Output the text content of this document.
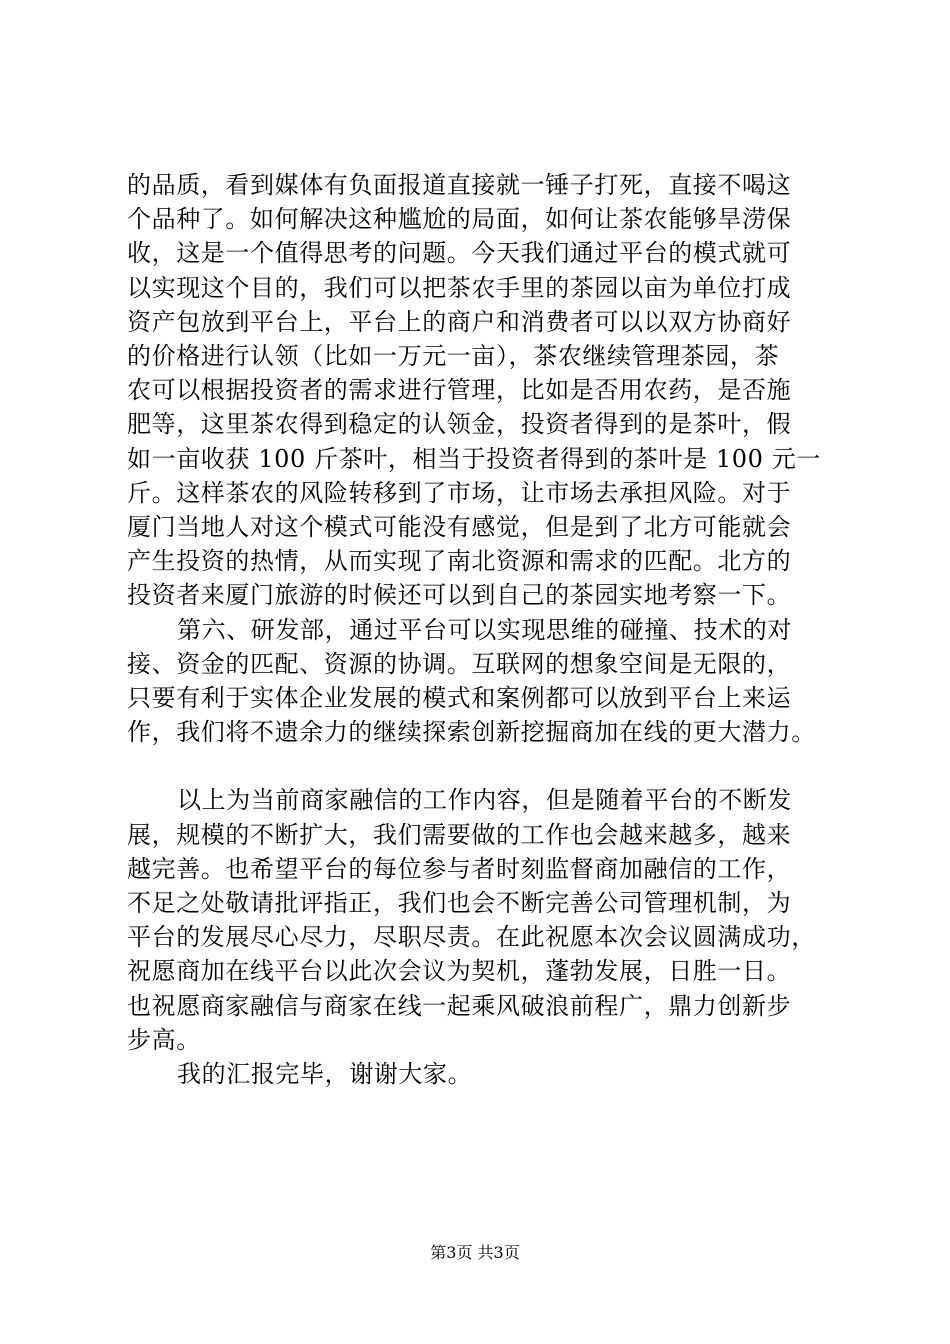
的品质，看到媒体有负面报道直接就一锤子打死，直接不喝这
个品种了。如何解决这种尴尬的局面，如何让茶农能够旱涝保
收，这是一个值得思考的问题。今天我们通过平台的模式就可
以实现这个目的，我们可以把茶农手里的茶园以亩为单位打成
资产包放到平台上，平台上的商户和消费者可以以双方协商好
的价格进行认领（比如一万元一亩），茶农继续管理茶园，茶
农可以根据投资者的需求进行管理，比如是否用农药，是否施
肥等，这里茶农得到稳定的认领金，投资者得到的是茶叶，假
如一亩收获 100 斤茶叶，相当于投资者得到的茶叶是 100 元一
斤。这样茶农的风险转移到了市场，让市场去承担风险。对于
厦门当地人对这个模式可能没有感觉，但是到了北方可能就会
产生投资的热情，从而实现了南北资源和需求的匹配。北方的
投资者来厦门旅游的时候还可以到自己的茶园实地考察一下。
第六、研发部，通过平台可以实现思维的碰撞、技术的对
接、资金的匹配、资源的协调。互联网的想象空间是无限的，
只要有利于实体企业发展的模式和案例都可以放到平台上来运
作，我们将不遗余力的继续探索创新挖掘商加在线的更大潜力。
以上为当前商家融信的工作内容，但是随着平台的不断发
展，规模的不断扩大，我们需要做的工作也会越来越多，越来
越完善。也希望平台的每位参与者时刻监督商加融信的工作，
不足之处敬请批评指正，我们也会不断完善公司管理机制，为
平台的发展尽心尽力，尽职尽责。在此祝愿本次会议圆满成功，
祝愿商加在线平台以此次会议为契机，蓬勃发展，日胜一日。
也祝愿商家融信与商家在线一起乘风破浪前程广，鼎力创新步
步高。
我的汇报完毕，谢谢大家。
第3页 共3页
